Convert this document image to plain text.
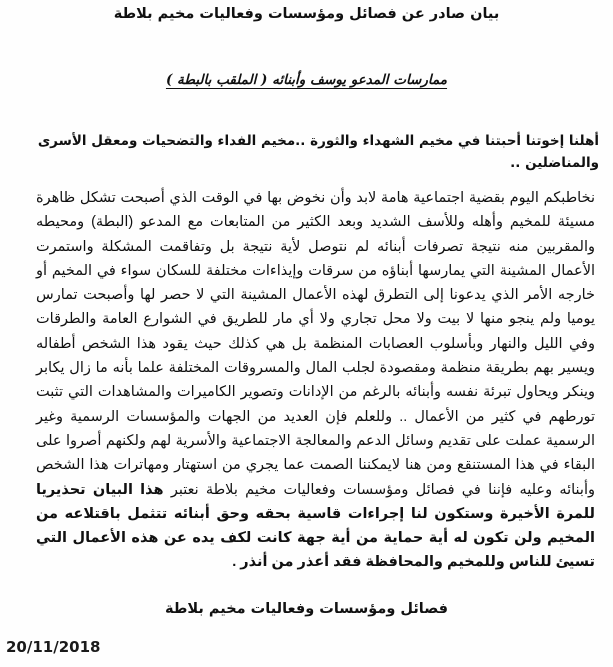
بيان صادر عن فصائل ومؤسسات وفعاليات مخيم بلاطة
ممارسات المدعو يوسف وأبنائه ( الملقب بالبطة )
أهلنا إخوتنا أحبتنا في مخيم الشهداء والثورة ..مخيم الفداء والتضحيات ومعقل الأسرى والمناضلين ..
نخاطبكم اليوم بقضية اجتماعية هامة لابد وأن نخوض بها في الوقت الذي أصبحت تشكل ظاهرة مسيئة للمخيم وأهله وللأسف الشديد وبعد الكثير من المتابعات مع المدعو (البطة) ومحيطه والمقربين منه نتيجة تصرفات أبنائه لم نتوصل لأية نتيجة بل وتفاقمت المشكلة واستمرت الأعمال المشينة التي يمارسها أبناؤه من سرقات وإيذاءات مختلفة للسكان سواء في المخيم أو خارجه الأمر الذي يدعونا إلى التطرق لهذه الأعمال المشينة التي لا حصر لها وأصبحت تمارس يوميا ولم ينجو منها لا بيت ولا محل تجاري ولا أي مار للطريق في الشوارع العامة والطرقات وفي الليل والنهار وبأسلوب العصابات المنظمة بل هي كذلك حيث يقود هذا الشخص أطفاله ويسير بهم بطريقة منظمة ومقصودة لجلب المال والمسروقات المختلفة علما بأنه ما زال يكابر وينكر ويحاول تبرئة نفسه وأبنائه بالرغم من الإدانات وتصوير الكاميرات والمشاهدات التي تثبت تورطهم في كثير من الأعمال .. وللعلم فإن العديد من الجهات والمؤسسات الرسمية وغير الرسمية عملت على تقديم وسائل الدعم والمعالجة الاجتماعية والأسرية لهم ولكنهم أصروا على البقاء في هذا المستنقع ومن هنا لايمكننا الصمت عما يجري من استهتار ومهاترات هذا الشخص وأبنائه وعليه فإننا في فصائل ومؤسسات وفعاليات مخيم بلاطة نعتبر هذا البيان تحذيريا للمرة الأخيرة وستكون لنا إجراءات قاسية بحقه وحق أبنائه تتثمل باقتلاعه من المخيم ولن تكون له أية حماية من أية جهة كانت لكف يده عن هذه الأعمال التي تسيئ للناس وللمخيم والمحافظة فقد أعذر من أنذر .
فصائل ومؤسسات وفعاليات مخيم بلاطة
20/11/2018
